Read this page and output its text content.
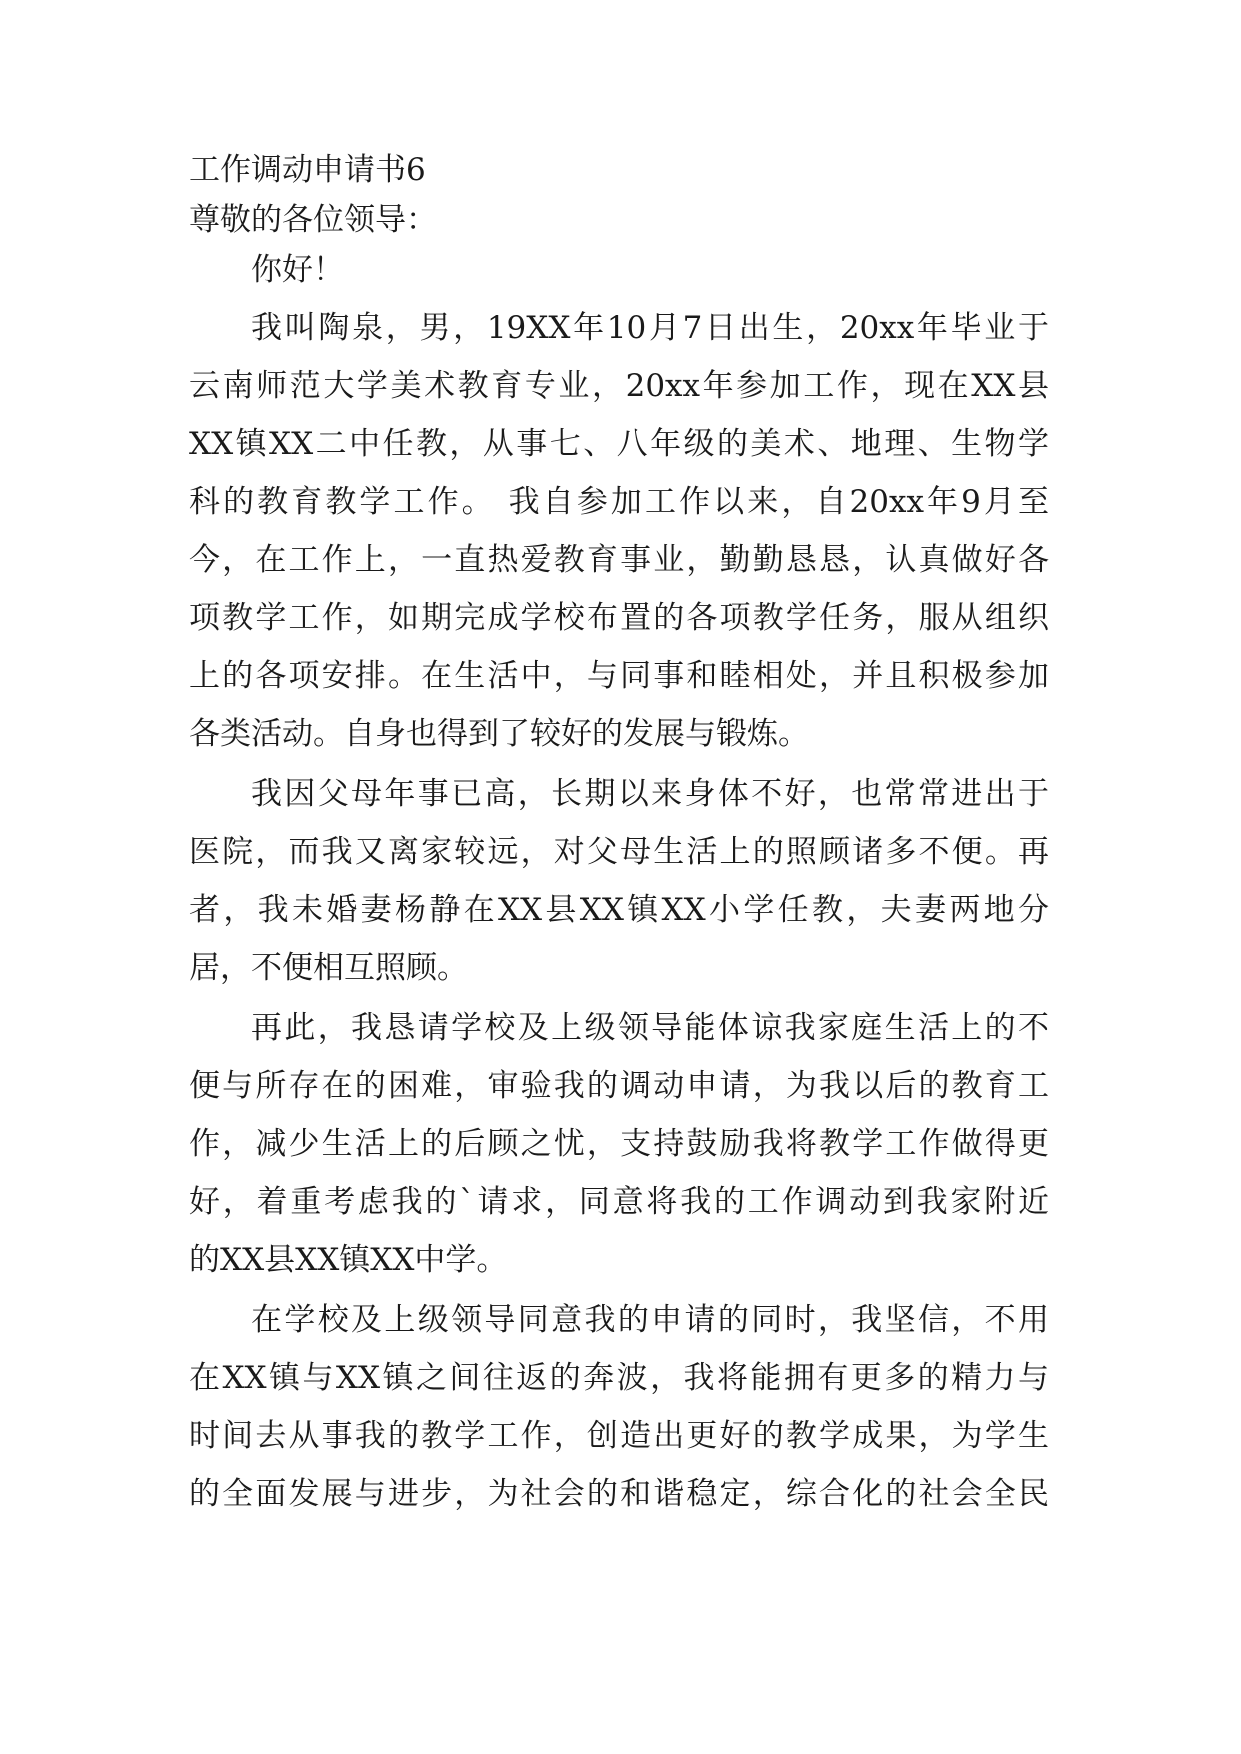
工作调动申请书6
尊敬的各位领导：
你好！
我叫陶泉，男，19XX年10月7日出生，20xx年毕业于
云南师范大学美术教育专业，20xx年参加工作，现在XX县
XX镇XX二中任教，从事七、八年级的美术、地理、生物学
科的教育教学工作。 我自参加工作以来，自20xx年9月至
今，在工作上，一直热爱教育事业，勤勤恳恳，认真做好各
项教学工作，如期完成学校布置的各项教学任务，服从组织
上的各项安排。在生活中，与同事和睦相处，并且积极参加
各类活动。自身也得到了较好的发展与锻炼。
我因父母年事已高，长期以来身体不好，也常常进出于
医院，而我又离家较远，对父母生活上的照顾诸多不便。再
者，我未婚妻杨静在XX县XX镇XX小学任教，夫妻两地分
居，不便相互照顾。
再此，我恳请学校及上级领导能体谅我家庭生活上的不
便与所存在的困难，审验我的调动申请，为我以后的教育工
作，减少生活上的后顾之忧，支持鼓励我将教学工作做得更
好，着重考虑我的`请求，同意将我的工作调动到我家附近
的XX县XX镇XX中学。
在学校及上级领导同意我的申请的同时，我坚信，不用
在XX镇与XX镇之间往返的奔波，我将能拥有更多的精力与
时间去从事我的教学工作，创造出更好的教学成果，为学生
的全面发展与进步，为社会的和谐稳定，综合化的社会全民
